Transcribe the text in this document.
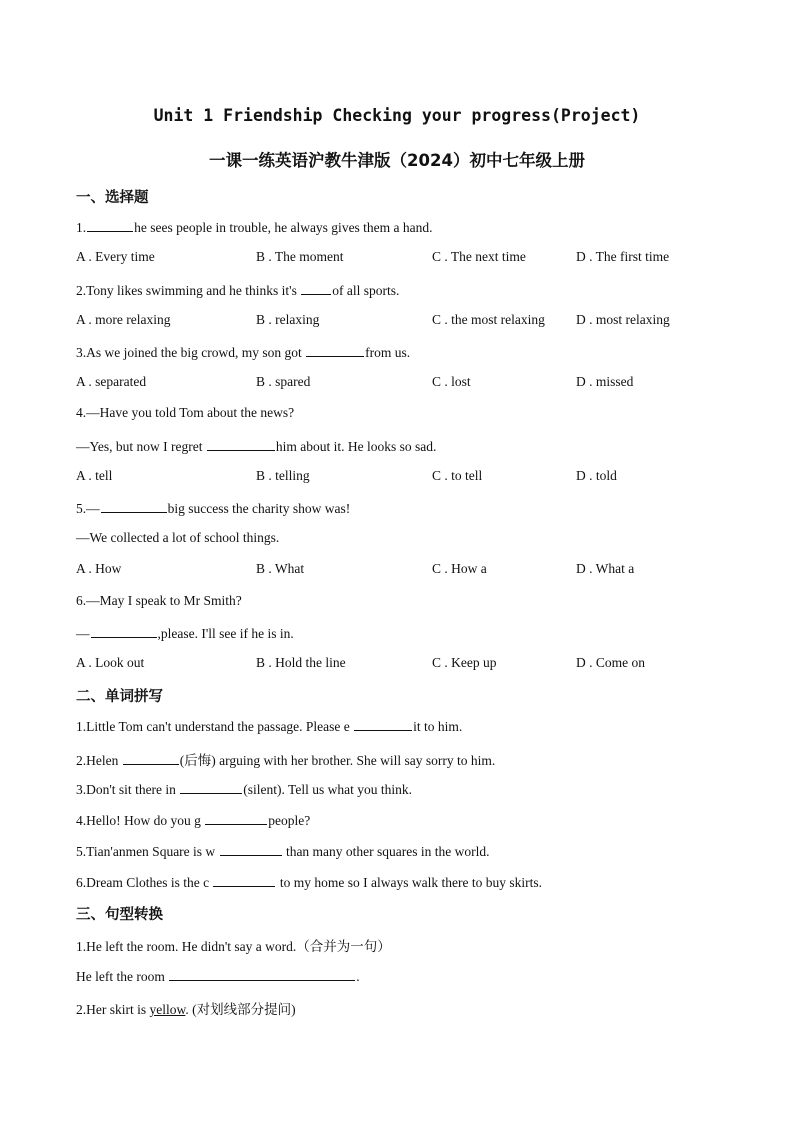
Unit 1 Friendship Checking your progress(Project)
一课一练英语沪教牛津版（2024）初中七年级上册
一、选择题
1.	he sees people in trouble, he always gives them a hand.
A . Every time	B . The moment	C . The next time	D . The first time
2.Tony likes swimming and he thinks it's of all sports.
A . more relaxing	B . relaxing	C . the most relaxing D . most relaxing
3.As we joined the big crowd, my son got	from us.
A . separated	B . spared	C . lost	D . missed
4.—Have you told Tom about the news?
—Yes, but now I regret	him about it. He looks so sad.
A . tell	B . telling	C . to tell	D . told
5.—	big success the charity show was!
—We collected a lot of school things.
A . How	B . What	C . How a	D . What a
6.—May I speak to Mr Smith?
—	,please. I'll see if he is in.
A . Look out	B . Hold the line	C . Keep up	D . Come on
二、单词拼写
1.Little Tom can't understand the passage. Please e	it to him.
2.Helen	(后悔) arguing with her brother. She will say sorry to him.
3.Don't sit there in	(silent). Tell us what you think.
4.Hello! How do you g	people?
5.Tian'anmen Square is w	than many other squares in the world.
6.Dream Clothes is the c	to my home so I always walk there to buy skirts.
三、句型转换
1.He left the room. He didn't say a word.（合并为一句）
He left the room	.
2.Her skirt is yellow. (对划线部分提问)
